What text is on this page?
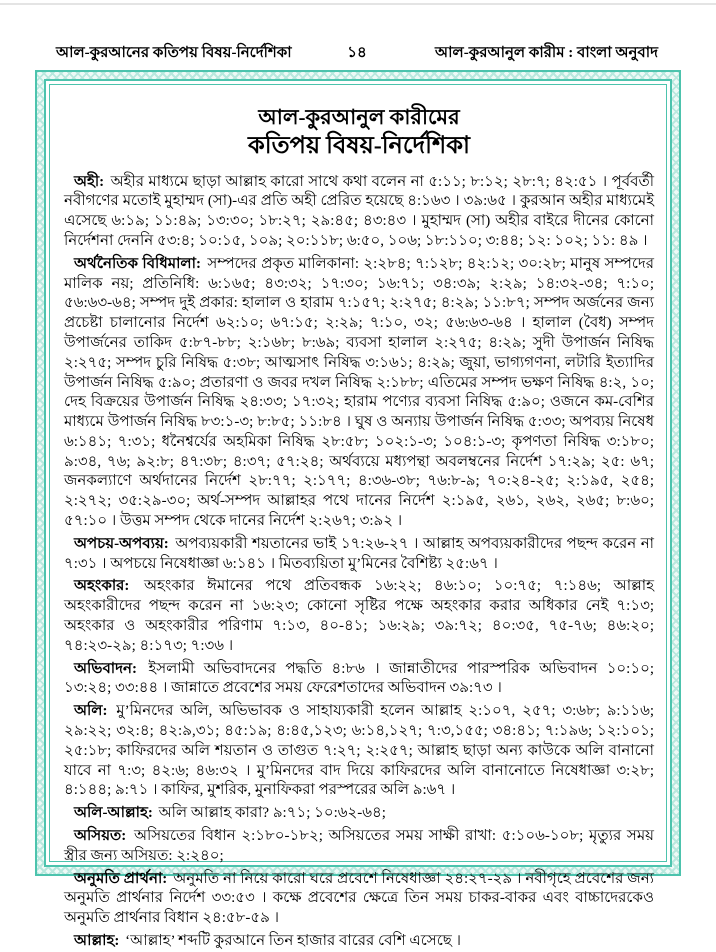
আল-কুরআনের কতিপয় বিষয়-নির্দেশিকা	১৪	আল-কুরআনুল কারীম : বাংলা অনুবাদ
আল-কুরআনুল কারীমের
কতিপয় বিষয়-নির্দেশিকা

অহী: অহীর মাধ্যমে ছাড়া আল্লাহ কারো সাথে কথা বলেন না ৫:১১; ৮:১২; ২৮:৭; ৪২:৫১ । পূর্ববর্তী নবীগণের মতোই মুহাম্মদ (সা)-এর প্রতি অহী প্রেরিত হয়েছে ৪:১৬৩ । ৩৯:৬৫ । কুরআন অহীর মাধ্যমেই এসেছে ৬:১৯; ১১:৪৯; ১৩:৩০; ১৮:২৭; ২৯:৪৫; ৪৩:৪৩ । মুহাম্মদ (সা) অহীর বাইরে দীনের কোনো নির্দেশনা দেননি ৫৩:৪; ১০:১৫, ১০৯; ২০:১১৮; ৬:৫০, ১০৬; ১৮:১১০; ৩:৪৪; ১২: ১০২; ১১: ৪৯ ।

অর্থনৈতিক বিধিমালা: সম্পদের প্রকৃত মালিকানা: ২:২৮৪; ৭:১২৮; ৪২:১২; ৩০:২৮; মানুষ সম্পদের মালিক নয়; প্রতিনিধি: ৬:১৬৫; ৪৩:৩২; ১৭:৩০; ১৬:৭১; ৩৪:৩৯; ২:২৯; ১৪:৩২-৩৪; ৭:১০; ৫৬:৬৩-৬৪; সম্পদ দুই প্রকার: হালাল ও হারাম ৭:১৫৭; ২:২৭৫; ৪:২৯; ১১:৮৭; সম্পদ অর্জনের জন্য প্রচেষ্টা চালানোর নির্দেশ ৬২:১০; ৬৭:১৫; ২:২৯; ৭:১০, ৩২; ৫৬:৬৩-৬৪ । হালাল (বৈধ) সম্পদ উপার্জনের তাকিদ ৫:৮৭-৮৮; ২:১৬৮; ৮:৬৯; ব্যবসা হালাল ২:২৭৫; ৪:২৯; সুদী উপার্জন নিষিদ্ধ ২:২৭৫; সম্পদ চুরি নিষিদ্ধ ৫:৩৮; আত্মসাৎ নিষিদ্ধ ৩:১৬১; ৪:২৯; জুয়া, ভাগ্যগণনা, লটারি ইত্যাদির উপার্জন নিষিদ্ধ ৫:৯০; প্রতারণা ও জবর দখল নিষিদ্ধ ২:১৮৮; এতিমের সম্পদ ভক্ষণ নিষিদ্ধ ৪:২, ১০; দেহ বিক্রয়ের উপার্জন নিষিদ্ধ ২৪:৩৩; ১৭:৩২; হারাম পণ্যের ব্যবসা নিষিদ্ধ ৫:৯০; ওজনে কম-বেশির মাধ্যমে উপার্জন নিষিদ্ধ ৮৩:১-৩; ৮:৮৫; ১১:৮৪ । ঘুষ ও অন্যায় উপার্জন নিষিদ্ধ ৫:৩৩; অপব্যয় নিষেধ ৬:১৪১; ৭:৩১; ধনৈশ্বর্যের অহমিকা নিষিদ্ধ ২৮:৫৮; ১০২:১-৩; ১০৪:১-৩; কৃপণতা নিষিদ্ধ ৩:১৮০; ৯:৩৪, ৭৬; ৯২:৮; ৪৭:৩৮; ৪:৩৭; ৫৭:২৪; অর্থব্যয়ে মধ্যপন্থা অবলম্বনের নির্দেশ ১৭:২৯; ২৫: ৬৭; জনকল্যাণে অর্থদানের নির্দেশ ২৮:৭৭; ২:১৭৭; ৪:৩৬-৩৮; ৭৬:৮-৯; ৭০:২৪-২৫; ২:১৯৫, ২৫৪; ২:২৭২; ৩৫:২৯-৩০; অর্থ-সম্পদ আল্লাহর পথে দানের নির্দেশ ২:১৯৫, ২৬১, ২৬২, ২৬৫; ৮:৬০; ৫৭:১০ । উত্তম সম্পদ থেকে দানের নির্দেশ ২:২৬৭; ৩:৯২ ।

অপচয়-অপব্যয়: অপব্যয়কারী শয়তানের ভাই ১৭:২৬-২৭ । আল্লাহ অপব্যয়কারীদের পছন্দ করেন না ৭:৩১ । অপচয়ে নিষেধাজ্ঞা ৬:১৪১ । মিতব্যয়িতা মু’মিনের বৈশিষ্ট্য ২৫:৬৭ ।

অহংকার: অহংকার ঈমানের পথে প্রতিবন্ধক ১৬:২২; ৪৬:১০; ১০:৭৫; ৭:১৪৬; আল্লাহ অহংকারীদের পছন্দ করেন না ১৬:২৩; কোনো সৃষ্টির পক্ষে অহংকার করার অধিকার নেই ৭:১৩; অহংকার ও অহংকারীর পরিণাম ৭:১৩, ৪০-৪১; ১৬:২৯; ৩৯:৭২; ৪০:৩৫, ৭৫-৭৬; ৪৬:২০; ৭৪:২৩-২৯; ৪:১৭৩; ৭:৩৬ ।

অভিবাদন: ইসলামী অভিবাদনের পদ্ধতি ৪:৮৬ । জান্নাতীদের পারস্পরিক অভিবাদন ১০:১০; ১৩:২৪; ৩৩:৪৪ । জান্নাতে প্রবেশের সময় ফেরেশতাদের অভিবাদন ৩৯:৭৩ ।

অলি: মু’মিনদের অলি, অভিভাবক ও সাহায্যকারী হলেন আল্লাহ ২:১০৭, ২৫৭; ৩:৬৮; ৯:১১৬; ২৯:২২; ৩২:৪; ৪২:৯,৩১; ৪৫:১৯; ৪:৪৫,১২৩; ৬:১৪,১২৭; ৭:৩,১৫৫; ৩৪:৪১; ৭:১৯৬; ১২:১০১; ২৫:১৮; কাফিরদের অলি শয়তান ও তাগুত ৭:২৭; ২:২৫৭; আল্লাহ ছাড়া অন্য কাউকে অলি বানানো যাবে না ৭:৩; ৪২:৬; ৪৬:৩২ । মু’মিনদের বাদ দিয়ে কাফিরদের অলি বানানোতে নিষেধাজ্ঞা ৩:২৮; ৪:১৪৪; ৯:৭১ । কাফির, মুশরিক, মুনাফিকরা পরস্পরের অলি ৯:৬৭ ।

অলি-আল্লাহ: অলি আল্লাহ কারা? ৯:৭১; ১০:৬২-৬৪;

অসিয়ত: অসিয়তের বিধান ২:১৮০-১৮২; অসিয়তের সময় সাক্ষী রাখা: ৫:১০৬-১০৮; মৃত্যুর সময় স্ত্রীর জন্য অসিয়ত: ২:২৪০;

অনুমতি প্রার্থনা: অনুমতি না নিয়ে কারো ঘরে প্রবেশে নিষেধাজ্ঞা ২৪:২৭-২৯ । নবীগৃহে প্রবেশের জন্য অনুমতি প্রার্থনার নির্দেশ ৩৩:৫৩ । কক্ষে প্রবেশের ক্ষেত্রে তিন সময় চাকর-বাকর এবং বাচ্চাদেরকেও অনুমতি প্রার্থনার বিধান ২৪:৫৮-৫৯ ।

আল্লাহ: ‘আল্লাহ’ শব্দটি কুরআনে তিন হাজার বারের বেশি এসেছে ।
